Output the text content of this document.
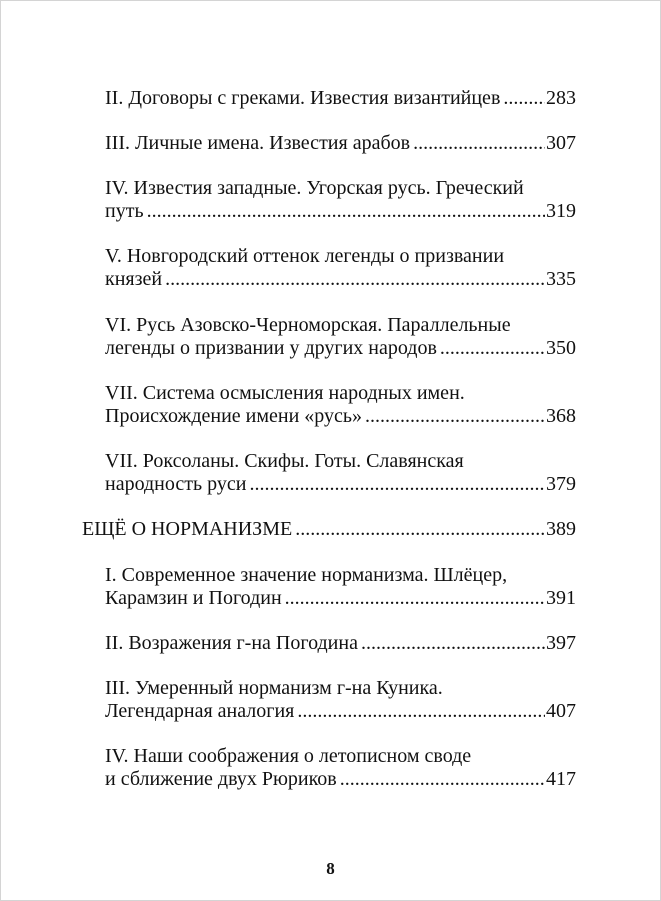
II. Договоры с греками. Известия византийцев ..... 283
III. Личные имена. Известия арабов .....	307
IV. Известия западные. Угорская русь. Греческий
путь .....	319
V. Новгородский оттенок легенды о призвании
князей .....	335
VI. Русь Азовско-Черноморская. Параллельные
легенды о призвании у других народов .....	350
VII. Система осмысления народных имен.
Происхождение имени «русь» .....	368
VII. Роксоланы. Скифы. Готы. Славянская
народность руси .....	379
ЕЩЁ О НОРМАНИЗМЕ .....	389
I. Современное значение норманизма. Шлёцер,
Карамзин и Погодин .....	391
II. Возражения г-на Погодина .....	397
III. Умеренный норманизм г-на Куника.
Легендарная аналогия .....	407
IV. Наши соображения о летописном своде
и сближение двух Рюриков .....	417
8
